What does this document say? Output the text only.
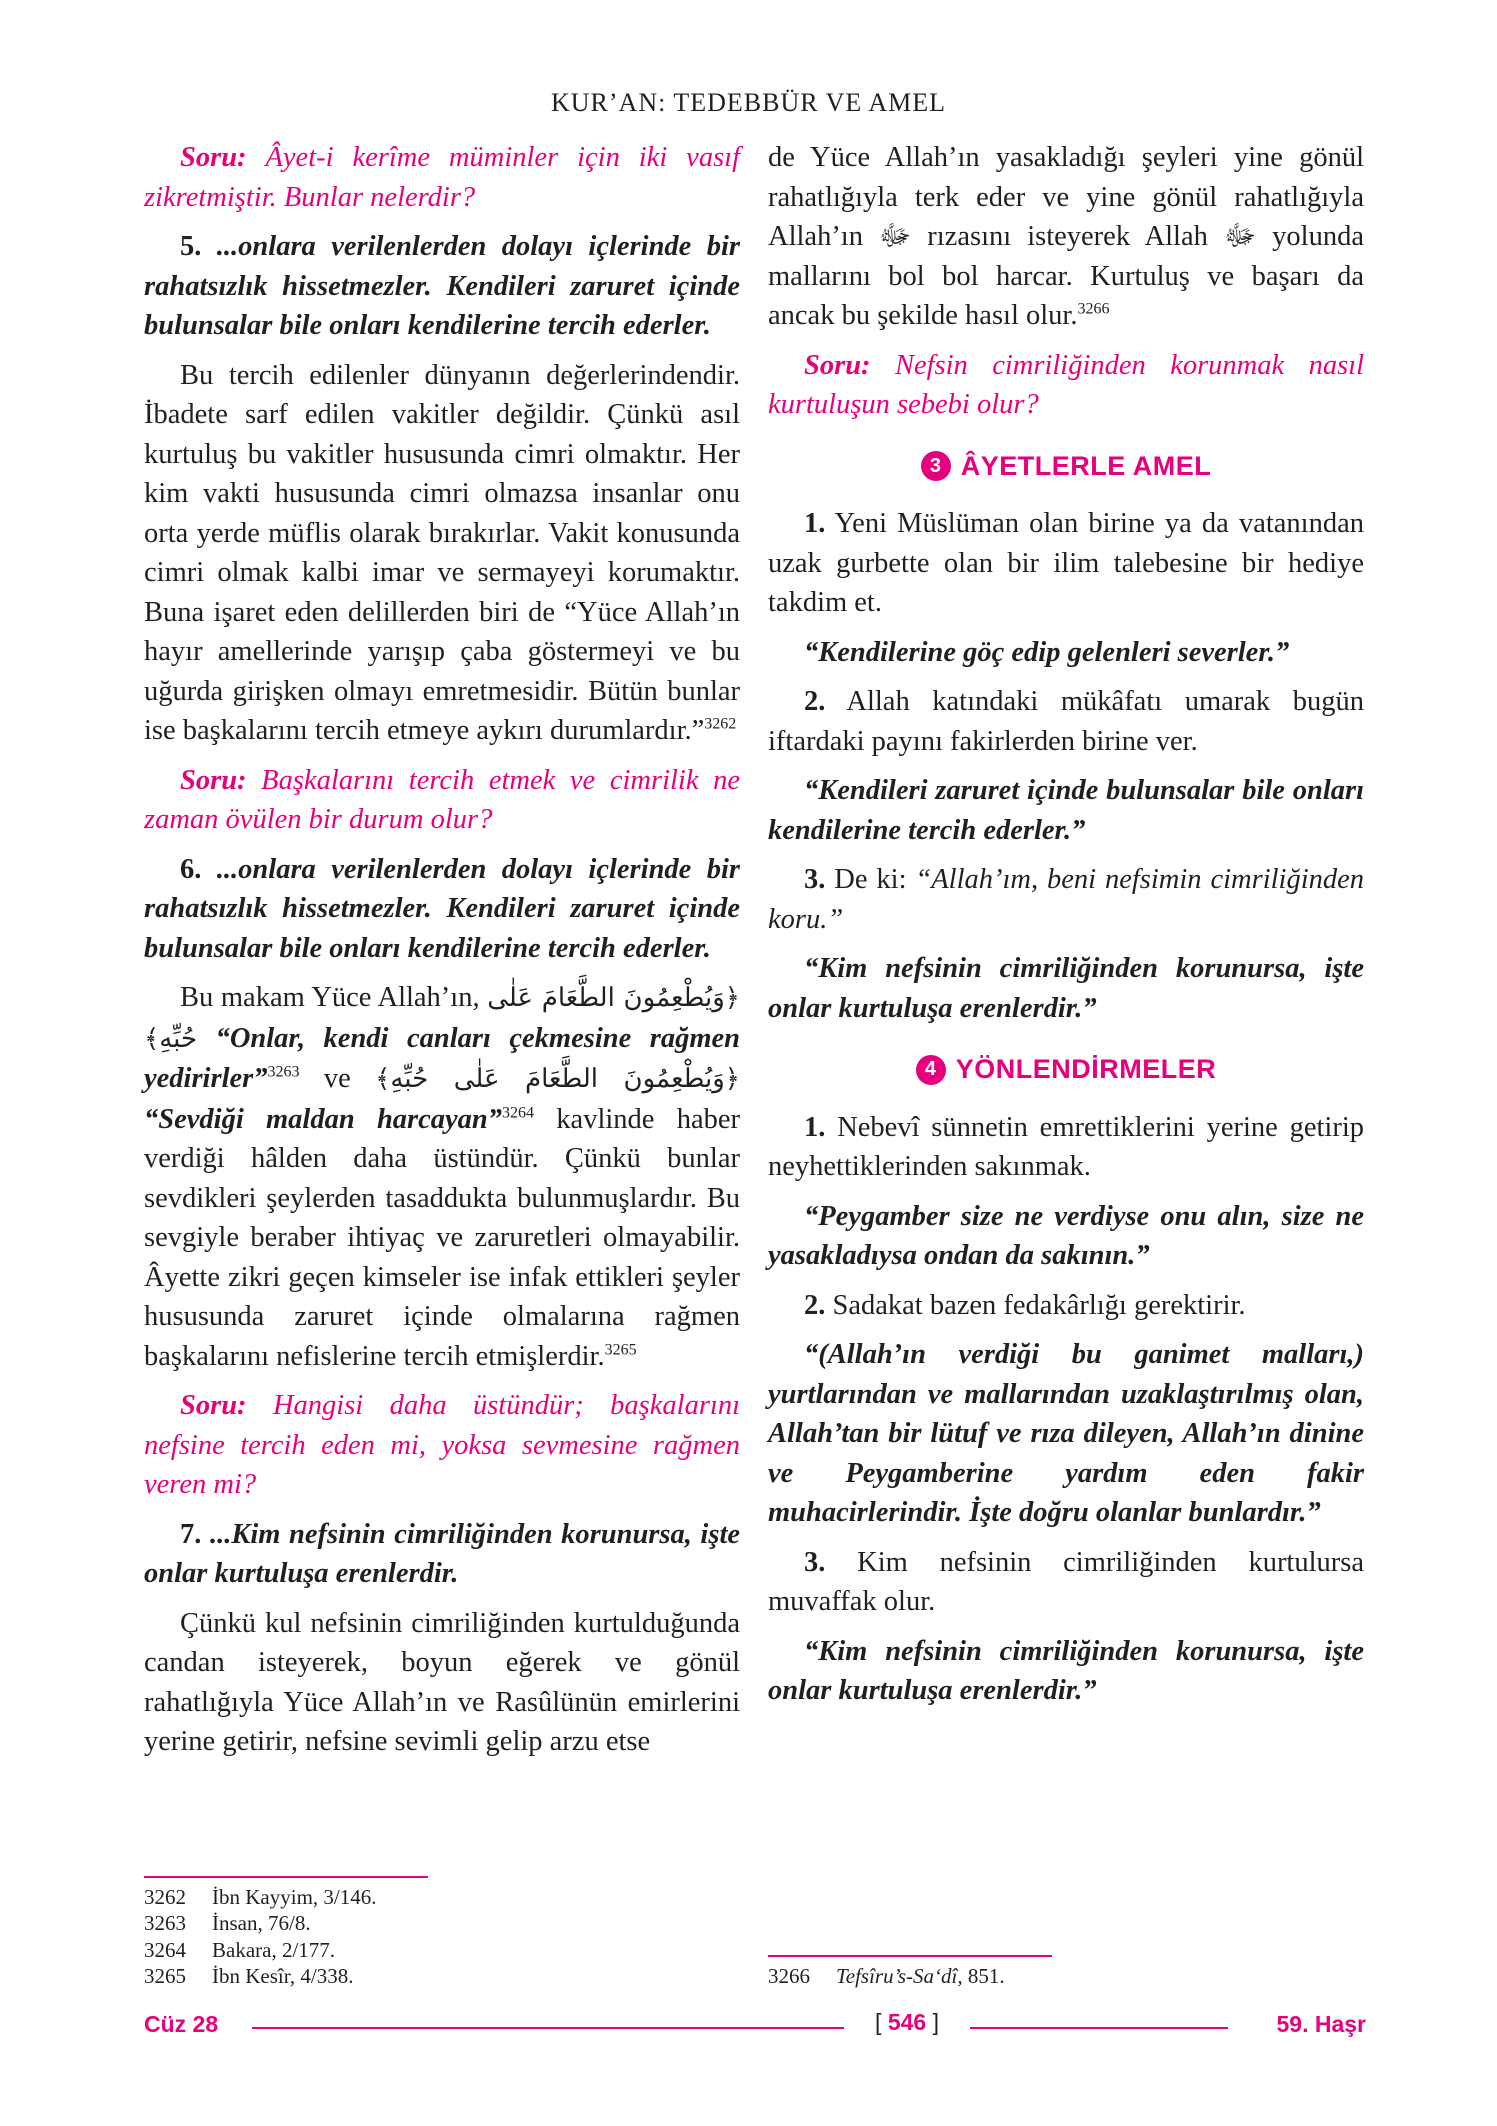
KUR’AN: TEDEBBÜR VE AMEL

Soru: Âyet-i kerîme müminler için iki vasıf zikretmiştir. Bunlar nelerdir?

5. ...onlara verilenlerden dolayı içlerinde bir rahatsızlık hissetmezler. Kendileri zaruret içinde bulunsalar bile onları kendilerine tercih ederler.

Bu tercih edilenler dünyanın değerlerindendir. İbadete sarf edilen vakitler değildir. Çünkü asıl kurtuluş bu vakitler hususunda cimri olmaktır. Her kim vakti hususunda cimri olmazsa insanlar onu orta yerde müflis olarak bırakırlar. Vakit konusunda cimri olmak kalbi imar ve sermayeyi korumaktır. Buna işaret eden delillerden biri de “Yüce Allah’ın hayır amellerinde yarışıp çaba göstermeyi ve bu uğurda girişken olmayı emretmesidir. Bütün bunlar ise başkalarını tercih etmeye aykırı durumlardır.”$^{3262}$

Soru: Başkalarını tercih etmek ve cimrilik ne zaman övülen bir durum olur?

6. ...onlara verilenlerden dolayı içlerinde bir rahatsızlık hissetmezler. Kendileri zaruret içinde bulunsalar bile onları kendilerine tercih ederler.

Bu makam Yüce Allah’ın, ﴿وَيُطْعِمُونَ الطَّعَامَ عَلٰى حُبِّهِ﴾ “Onlar, kendi canları çekmesine rağmen yedirirler”$^{3263}$ ve ﴿وَيُطْعِمُونَ الطَّعَامَ عَلٰى حُبِّهِ﴾ “Sevdiği maldan harcayan”$^{3264}$ kavlinde haber verdiği hâlden daha üstündür. Çünkü bunlar sevdikleri şeylerden tasaddukta bulunmuşlardır. Bu sevgiyle beraber ihtiyaç ve zaruretleri olmayabilir. Âyette zikri geçen kimseler ise infak ettikleri şeyler hususunda zaruret içinde olmalarına rağmen başkalarını nefislerine tercih etmişlerdir.$^{3265}$

Soru: Hangisi daha üstündür; başkalarını nefsine tercih eden mi, yoksa sevmesine rağmen veren mi?

7. ...Kim nefsinin cimriliğinden korunursa, işte onlar kurtuluşa erenlerdir.

Çünkü kul nefsinin cimriliğinden kurtulduğunda candan isteyerek, boyun eğerek ve gönül rahatlığıyla Yüce Allah’ın ve Rasûlünün emirlerini yerine getirir, nefsine sevimli gelip arzu etse

de Yüce Allah’ın yasakladığı şeyleri yine gönül rahatlığıyla terk eder ve yine gönül rahatlığıyla Allah’ın ﷻ rızasını isteyerek Allah ﷻ yolunda mallarını bol bol harcar. Kurtuluş ve başarı da ancak bu şekilde hasıl olur.$^{3266}$

Soru: Nefsin cimriliğinden korunmak nasıl kurtuluşun sebebi olur?

3 ÂYETLERLE AMEL

1. Yeni Müslüman olan birine ya da vatanından uzak gurbette olan bir ilim talebesine bir hediye takdim et.

“Kendilerine göç edip gelenleri severler.”

2. Allah katındaki mükâfatı umarak bugün iftardaki payını fakirlerden birine ver.

“Kendileri zaruret içinde bulunsalar bile onları kendilerine tercih ederler.”

3. De ki: “Allah’ım, beni nefsimin cimriliğinden koru.”

“Kim nefsinin cimriliğinden korunursa, işte onlar kurtuluşa erenlerdir.”

4 YÖNLENDİRMELER

1. Nebevî sünnetin emrettiklerini yerine getirip neyhettiklerinden sakınmak.

“Peygamber size ne verdiyse onu alın, size ne yasakladıysa ondan da sakının.”

2. Sadakat bazen fedakârlığı gerektirir.

“(Allah’ın verdiği bu ganimet malları,) yurtlarından ve mallarından uzaklaştırılmış olan, Allah’tan bir lütuf ve rıza dileyen, Allah’ın dinine ve Peygamberine yardım eden fakir muhacirlerindir. İşte doğru olanlar bunlardır.”

3. Kim nefsinin cimriliğinden kurtulursa muvaffak olur.

“Kim nefsinin cimriliğinden korunursa, işte onlar kurtuluşa erenlerdir.”

3262	İbn Kayyim, 3/146.
3263	İnsan, 76/8.
3264	Bakara, 2/177.
3265	İbn Kesîr, 4/338.	3266	Tefsîru’s-Sa‘dî, 851.
Cüz 28	[ 546 ]	59. Haşr
